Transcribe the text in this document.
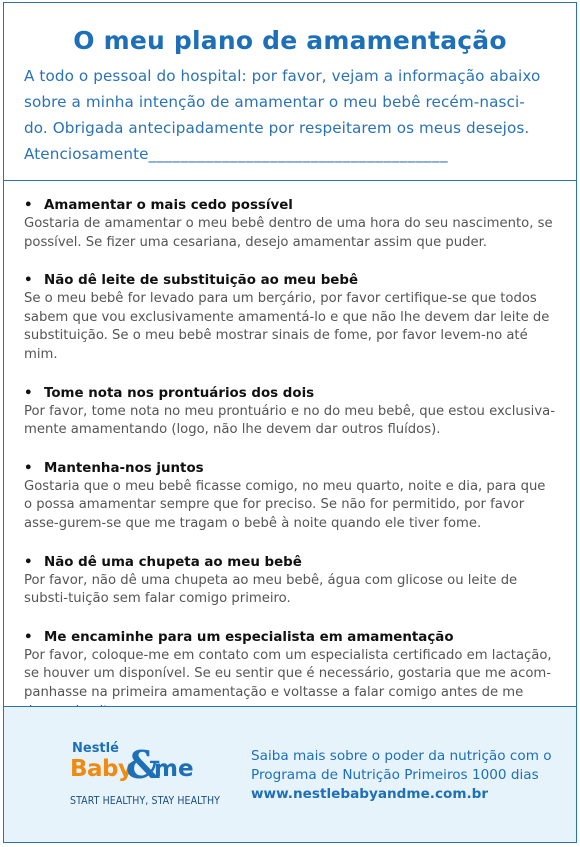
O meu plano de amamentação
A todo o pessoal do hospital: por favor, vejam a informação abaixo
sobre a minha intenção de amamentar o meu bebê recém-nasci-
do. Obrigada antecipadamente por respeitarem os meus desejos.
Atenciosamente_____________________________________
• Amamentar o mais cedo possível
Gostaria de amamentar o meu bebê dentro de uma hora do seu nascimento, se possível. Se fizer uma cesariana, desejo amamentar assim que puder.
• Não dê leite de substituição ao meu bebê
Se o meu bebê for levado para um berçário, por favor certifique-se que todos sabem que vou exclusivamente amamentá-lo e que não lhe devem dar leite de substituição. Se o meu bebê mostrar sinais de fome, por favor levem-no até mim.
• Tome nota nos prontuários dos dois
Por favor, tome nota no meu prontuário e no do meu bebê, que estou exclusiva-mente amamentando (logo, não lhe devem dar outros fluídos).
• Mantenha-nos juntos
Gostaria que o meu bebê ficasse comigo, no meu quarto, noite e dia, para que o possa amamentar sempre que for preciso. Se não for permitido, por favor asse-gurem-se que me tragam o bebê à noite quando ele tiver fome.
• Não dê uma chupeta ao meu bebê
Por favor, não dê uma chupeta ao meu bebê, água com glicose ou leite de substi-tuição sem falar comigo primeiro.
• Me encaminhe para um especialista em amamentação
Por favor, coloque-me em contato com um especialista certificado em lactação, se houver um disponível. Se eu sentir que é necessário, gostaria que me acom-panhasse na primeira amamentação e voltasse a falar comigo antes de me
Nestlé
Baby
&
me
START HEALTHY, STAY HEALTHY
Saiba mais sobre o poder da nutrição com o
Programa de Nutrição Primeiros 1000 dias
www.nestlebabyandme.com.br
